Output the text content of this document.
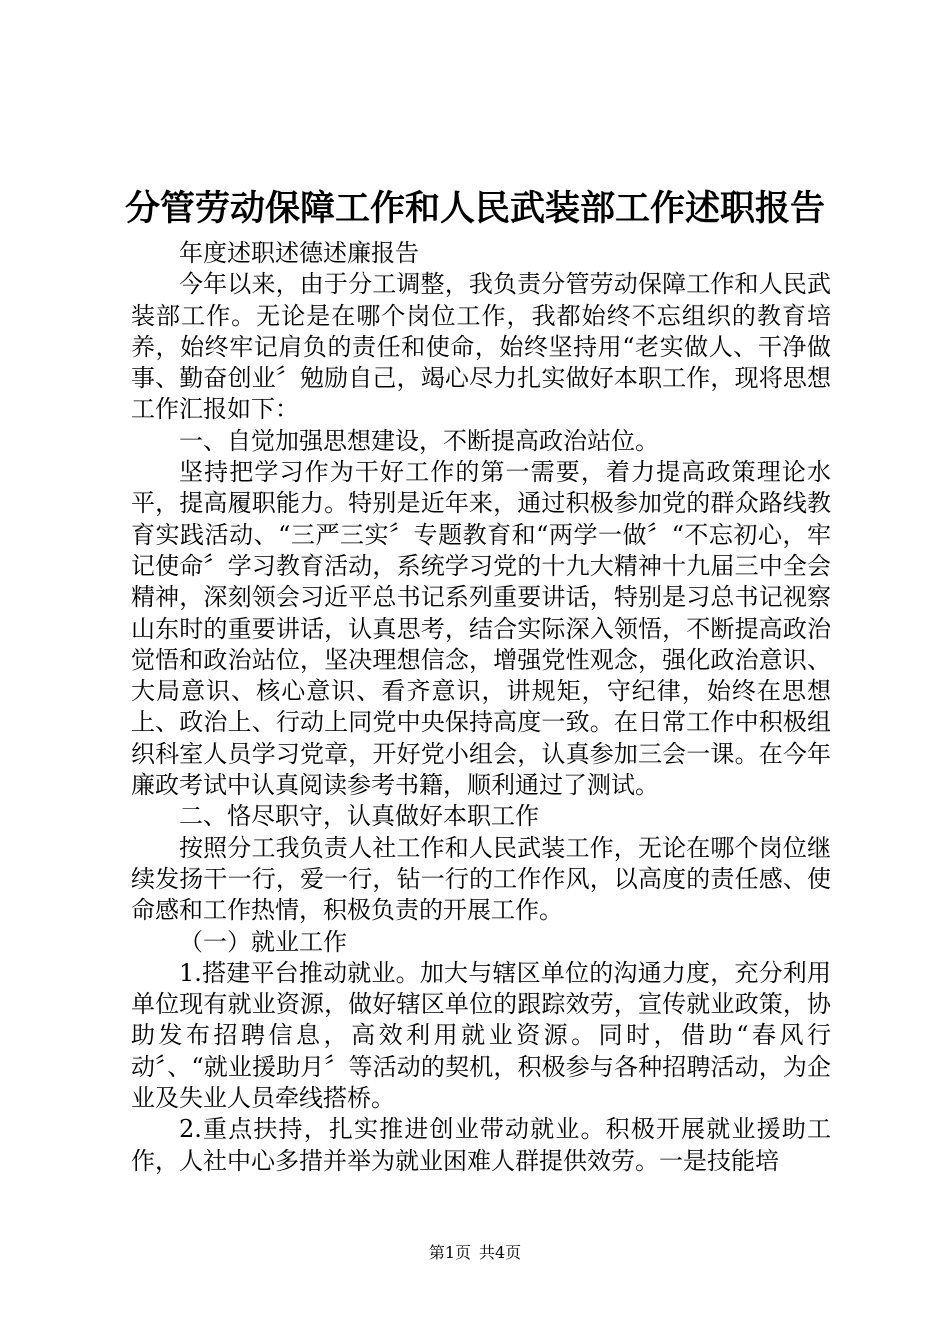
分管劳动保障工作和人民武装部工作述职报告

年度述职述德述廉报告

今年以来，由于分工调整，我负责分管劳动保障工作和人民武装部工作。无论是在哪个岗位工作，我都始终不忘组织的教育培养，始终牢记肩负的责任和使命，始终坚持用“老实做人、干净做事、勤奋创业〞勉励自己，竭心尽力扎实做好本职工作，现将思想工作汇报如下：

一、自觉加强思想建设，不断提高政治站位。

坚持把学习作为干好工作的第一需要，着力提高政策理论水平，提高履职能力。特别是近年来，通过积极参加党的群众路线教育实践活动、“三严三实〞专题教育和“两学一做〞“不忘初心，牢记使命〞学习教育活动，系统学习党的十九大精神十九届三中全会精神，深刻领会习近平总书记系列重要讲话，特别是习总书记视察山东时的重要讲话，认真思考，结合实际深入领悟，不断提高政治觉悟和政治站位，坚决理想信念，增强党性观念，强化政治意识、大局意识、核心意识、看齐意识，讲规矩，守纪律，始终在思想上、政治上、行动上同党中央保持高度一致。在日常工作中积极组织科室人员学习党章，开好党小组会，认真参加三会一课。在今年廉政考试中认真阅读参考书籍，顺利通过了测试。

二、恪尽职守，认真做好本职工作

按照分工我负责人社工作和人民武装工作，无论在哪个岗位继续发扬干一行，爱一行，钻一行的工作作风，以高度的责任感、使命感和工作热情，积极负责的开展工作。

（一）就业工作

1.搭建平台推动就业。加大与辖区单位的沟通力度，充分利用单位现有就业资源，做好辖区单位的跟踪效劳，宣传就业政策，协助发布招聘信息，高效利用就业资源。同时，借助“春风行动〞、“就业援助月〞等活动的契机，积极参与各种招聘活动，为企业及失业人员牵线搭桥。

2.重点扶持，扎实推进创业带动就业。积极开展就业援助工作，人社中心多措并举为就业困难人群提供效劳。一是技能培

第1页 共4页
